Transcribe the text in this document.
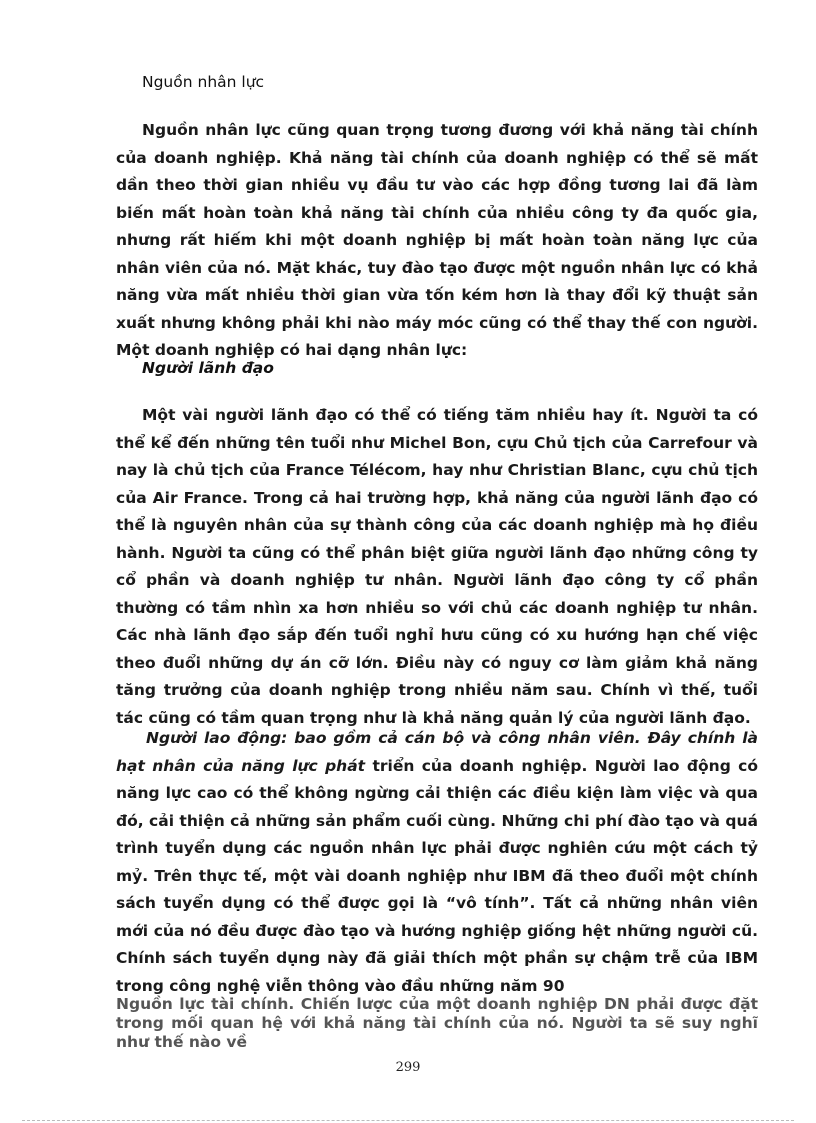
Nguồn nhân lực

Nguồn nhân lực cũng quan trọng tương đương với khả năng tài chính của doanh nghiệp. Khả năng tài chính của doanh nghiệp có thể sẽ mất dần theo thời gian nhiều vụ đầu tư vào các hợp đồng tương lai đã làm biến mất hoàn toàn khả năng tài chính của nhiều công ty đa quốc gia, nhưng rất hiếm khi một doanh nghiệp bị mất hoàn toàn năng lực của nhân viên của nó. Mặt khác, tuy đào tạo được một nguồn nhân lực có khả năng vừa mất nhiều thời gian vừa tốn kém hơn là thay đổi kỹ thuật sản xuất nhưng không phải khi nào máy móc cũng có thể thay thế con người. Một doanh nghiệp có hai dạng nhân lực:

Người lãnh đạo

Một vài người lãnh đạo có thể có tiếng tăm nhiều hay ít. Người ta có thể kể đến những tên tuổi như Michel Bon, cựu Chủ tịch của Carrefour và nay là chủ tịch của France Télécom, hay như Christian Blanc, cựu chủ tịch của Air France. Trong cả hai trường hợp, khả năng của người lãnh đạo có thể là nguyên nhân của sự thành công của các doanh nghiệp mà họ điều hành. Người ta cũng có thể phân biệt giữa người lãnh đạo những công ty cổ phần và doanh nghiệp tư nhân. Người lãnh đạo công ty cổ phần thường có tầm nhìn xa hơn nhiều so với chủ các doanh nghiệp tư nhân. Các nhà lãnh đạo sắp đến tuổi nghỉ hưu cũng có xu hướng hạn chế việc theo đuổi những dự án cỡ lớn. Điều này có nguy cơ làm giảm khả năng tăng trưởng của doanh nghiệp trong nhiều năm sau. Chính vì thế, tuổi tác cũng có tầm quan trọng như là khả năng quản lý của người lãnh đạo.

Người lao động: bao gồm cả cán bộ và công nhân viên. Đây chính là hạt nhân của năng lực phát triển của doanh nghiệp. Người lao động có năng lực cao có thể không ngừng cải thiện các điều kiện làm việc và qua đó, cải thiện cả những sản phẩm cuối cùng. Những chi phí đào tạo và quá trình tuyển dụng các nguồn nhân lực phải được nghiên cứu một cách tỷ mỷ. Trên thực tế, một vài doanh nghiệp như IBM đã theo đuổi một chính sách tuyển dụng có thể được gọi là “vô tính”. Tất cả những nhân viên mới của nó đều được đào tạo và hướng nghiệp giống hệt những người cũ. Chính sách tuyển dụng này đã giải thích một phần sự chậm trễ của IBM trong công nghệ viễn thông vào đầu những năm 90

Nguồn lực tài chính. Chiến lược của một doanh nghiệp DN phải được đặt trong mối quan hệ với khả năng tài chính của nó. Người ta sẽ suy nghĩ như thế nào về

299
